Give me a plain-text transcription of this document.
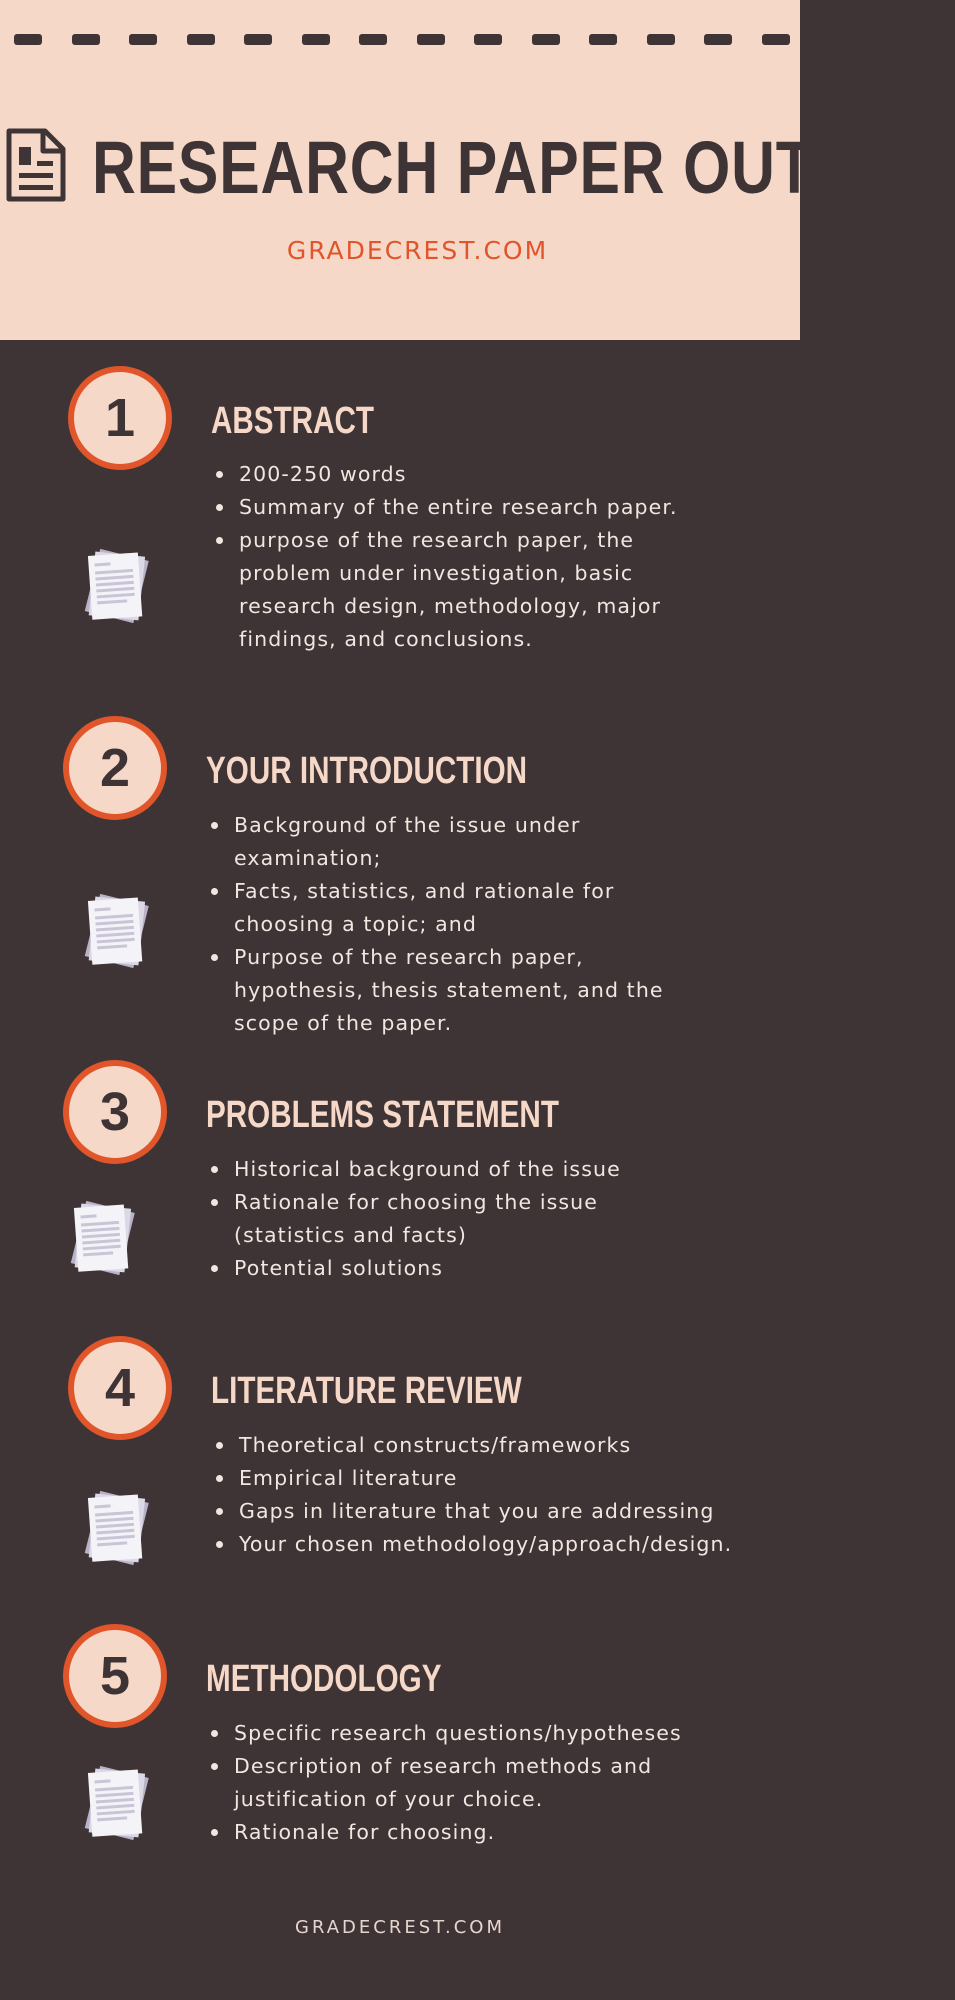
RESEARCH PAPER OUTLINE
GRADECREST.COM
1	ABSTRACT
200-250 words
Summary of the entire research paper.
purpose of the research paper, the problem under investigation, basic research design, methodology, major findings, and conclusions.
2	YOUR INTRODUCTION
Background of the issue under examination;
Facts, statistics, and rationale for choosing a topic; and
Purpose of the research paper, hypothesis, thesis statement, and the scope of the paper.
3	PROBLEMS STATEMENT
Historical background of the issue
Rationale for choosing the issue (statistics and facts)
Potential solutions
4	LITERATURE REVIEW
Theoretical constructs/frameworks
Empirical literature
Gaps in literature that you are addressing
Your chosen methodology/approach/design.
5	METHODOLOGY
Specific research questions/hypotheses
Description of research methods and justification of your choice.
Rationale for choosing.
GRADECREST.COM
